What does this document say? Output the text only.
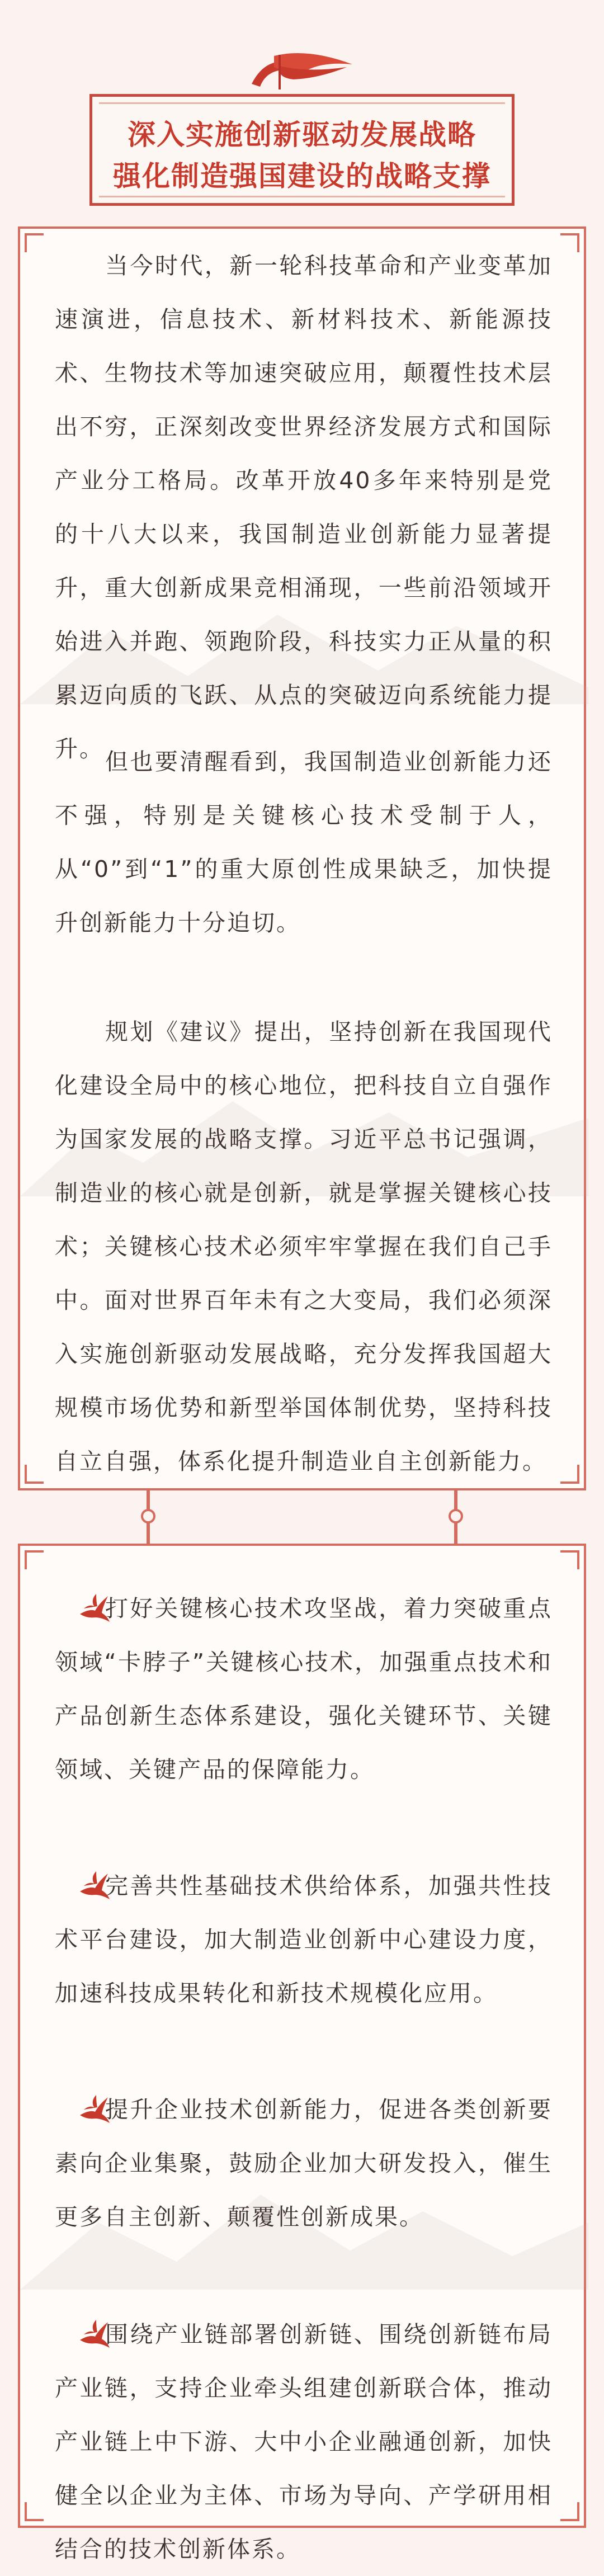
深入实施创新驱动发展战略
强化制造强国建设的战略支撑
当今时代，新一轮科技革命和产业变革加速演进，信息技术、新材料技术、新能源技术、生物技术等加速突破应用，颠覆性技术层出不穷，正深刻改变世界经济发展方式和国际产业分工格局。改革开放40多年来特别是党的十八大以来，我国制造业创新能力显著提升，重大创新成果竞相涌现，一些前沿领域开始进入并跑、领跑阶段，科技实力正从量的积累迈向质的飞跃、从点的突破迈向系统能力提升。 但也要清醒看到，我国制造业创新能力还不强，特别是关键核心技术受制于人，从“0”到“1”的重大原创性成果缺乏，加快提升创新能力十分迫切。
规划《建议》提出，坚持创新在我国现代化建设全局中的核心地位，把科技自立自强作为国家发展的战略支撑。习近平总书记强调，制造业的核心就是创新，就是掌握关键核心技术；关键核心技术必须牢牢掌握在我们自己手中。面对世界百年未有之大变局，我们必须深入实施创新驱动发展战略，充分发挥我国超大规模市场优势和新型举国体制优势，坚持科技自立自强，体系化提升制造业自主创新能力。
打好关键核心技术攻坚战，着力突破重点领域“卡脖子”关键核心技术，加强重点技术和产品创新生态体系建设，强化关键环节、关键领域、关键产品的保障能力。
完善共性基础技术供给体系，加强共性技术平台建设，加大制造业创新中心建设力度，加速科技成果转化和新技术规模化应用。
提升企业技术创新能力，促进各类创新要素向企业集聚，鼓励企业加大研发投入，催生更多自主创新、颠覆性创新成果。
围绕产业链部署创新链、围绕创新链布局产业链，支持企业牵头组建创新联合体，推动产业链上中下游、大中小企业融通创新，加快健全以企业为主体、市场为导向、产学研用相结合的技术创新体系。
